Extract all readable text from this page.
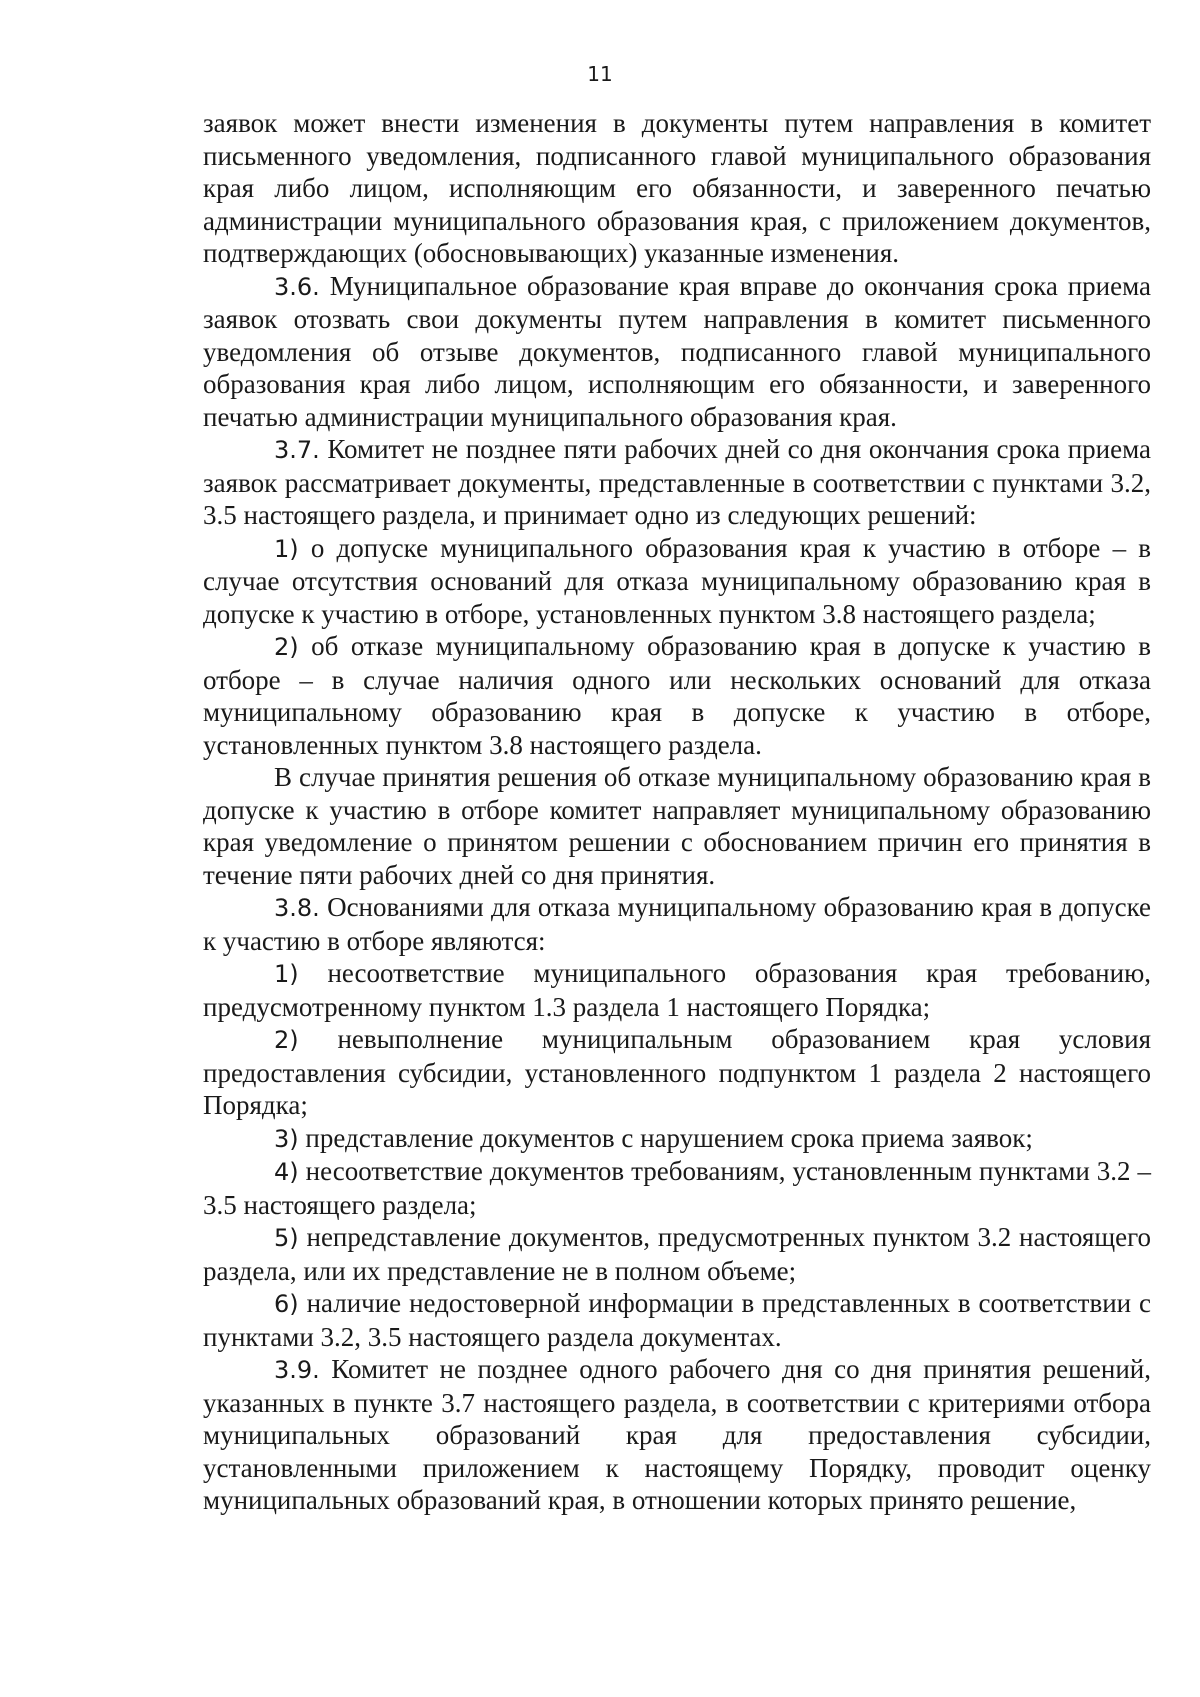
11

заявок может внести изменения в документы путем направления в комитет письменного уведомления, подписанного главой муниципального образования края либо лицом, исполняющим его обязанности, и заверенного печатью администрации муниципального образования края, с приложением документов, подтверждающих (обосновывающих) указанные изменения.

3.6. Муниципальное образование края вправе до окончания срока приема заявок отозвать свои документы путем направления в комитет письменного уведомления об отзыве документов, подписанного главой муниципального образования края либо лицом, исполняющим его обязанности, и заверенного печатью администрации муниципального образования края.

3.7. Комитет не позднее пяти рабочих дней со дня окончания срока приема заявок рассматривает документы, представленные в соответствии с пунктами 3.2, 3.5 настоящего раздела, и принимает одно из следующих решений:

1) о допуске муниципального образования края к участию в отборе – в случае отсутствия оснований для отказа муниципальному образованию края в допуске к участию в отборе, установленных пунктом 3.8 настоящего раздела;

2) об отказе муниципальному образованию края в допуске к участию в отборе – в случае наличия одного или нескольких оснований для отказа муниципальному образованию края в допуске к участию в отборе, установленных пунктом 3.8 настоящего раздела.

В случае принятия решения об отказе муниципальному образованию края в допуске к участию в отборе комитет направляет муниципальному образованию края уведомление о принятом решении с обоснованием причин его принятия в течение пяти рабочих дней со дня принятия.

3.8. Основаниями для отказа муниципальному образованию края в допуске к участию в отборе являются:

1) несоответствие муниципального образования края требованию, предусмотренному пунктом 1.3 раздела 1 настоящего Порядка;

2) невыполнение муниципальным образованием края условия предоставления субсидии, установленного подпунктом 1 раздела 2 настоящего Порядка;

3) представление документов с нарушением срока приема заявок;

4) несоответствие документов требованиям, установленным пунктами 3.2 – 3.5 настоящего раздела;

5) непредставление документов, предусмотренных пунктом 3.2 настоящего раздела, или их представление не в полном объеме;

6) наличие недостоверной информации в представленных в соответствии с пунктами 3.2, 3.5 настоящего раздела документах.

3.9. Комитет не позднее одного рабочего дня со дня принятия решений, указанных в пункте 3.7 настоящего раздела, в соответствии с критериями отбора муниципальных образований края для предоставления субсидии, установленными приложением к настоящему Порядку, проводит оценку муниципальных образований края, в отношении которых принято решение,
